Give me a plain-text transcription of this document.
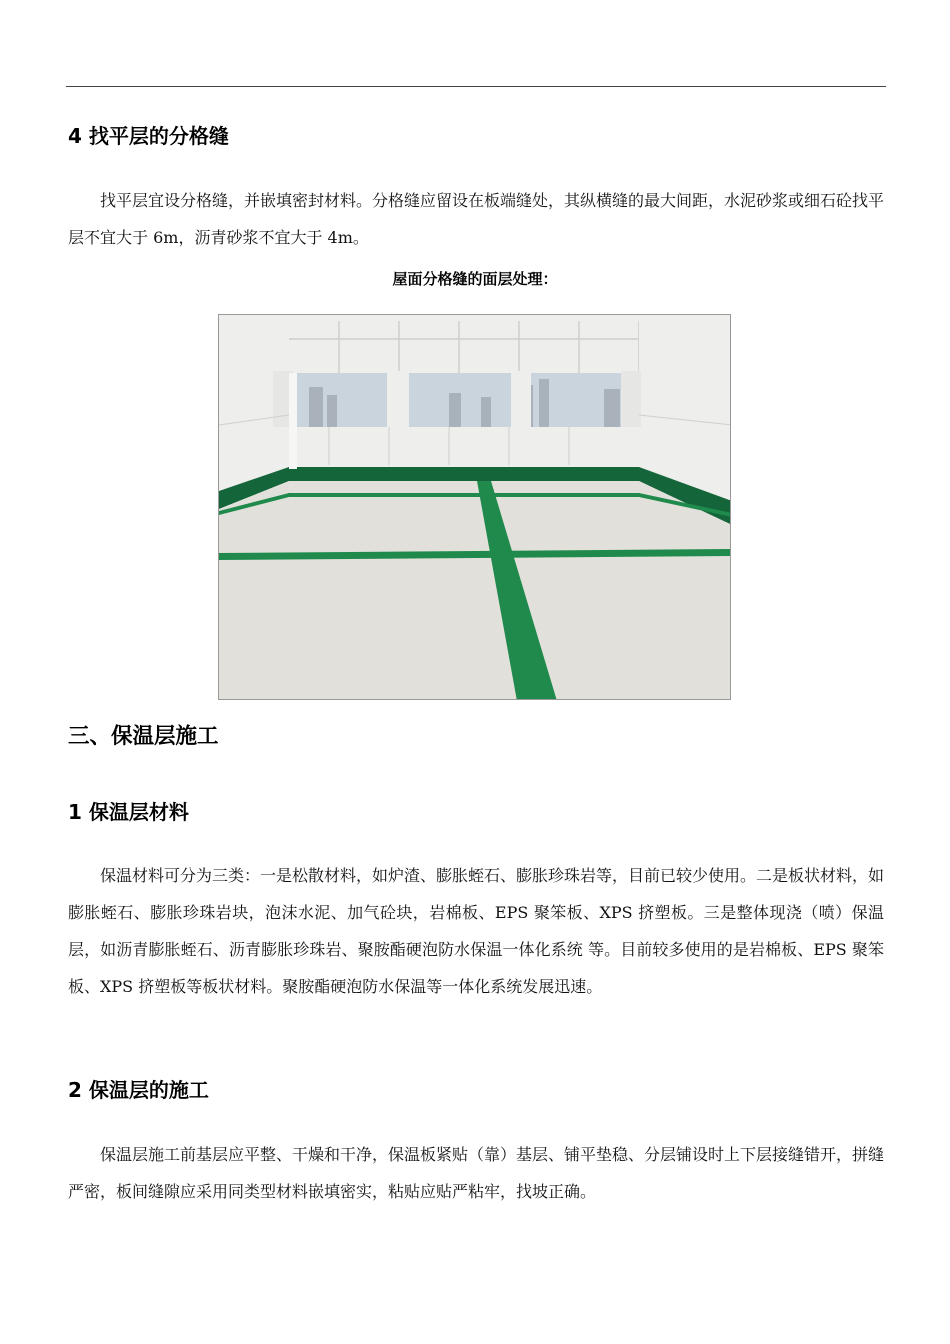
4 找平层的分格缝

找平层宜设分格缝，并嵌填密封材料。分格缝应留设在板端缝处，其纵横缝的最大间距，水泥砂浆或细石砼找平层不宜大于 6m，沥青砂浆不宜大于 4m。

屋面分格缝的面层处理：

三、保温层施工
1 保温层材料

保温材料可分为三类：一是松散材料，如炉渣、膨胀蛭石、膨胀珍珠岩等，目前已较少使用。二是板状材料，如膨胀蛭石、膨胀珍珠岩块，泡沫水泥、加气砼块，岩棉板、EPS 聚笨板、XPS 挤塑板。三是整体现浇（喷）保温层，如沥青膨胀蛭石、沥青膨胀珍珠岩、聚胺酯硬泡防水保温一体化系统 等。目前较多使用的是岩棉板、EPS 聚笨板、XPS 挤塑板等板状材料。聚胺酯硬泡防水保温等一体化系统发展迅速。

2 保温层的施工

保温层施工前基层应平整、干燥和干净，保温板紧贴（靠）基层、铺平垫稳、分层铺设时上下层接缝错开，拼缝严密，板间缝隙应采用同类型材料嵌填密实，粘贴应贴严粘牢，找坡正确。
